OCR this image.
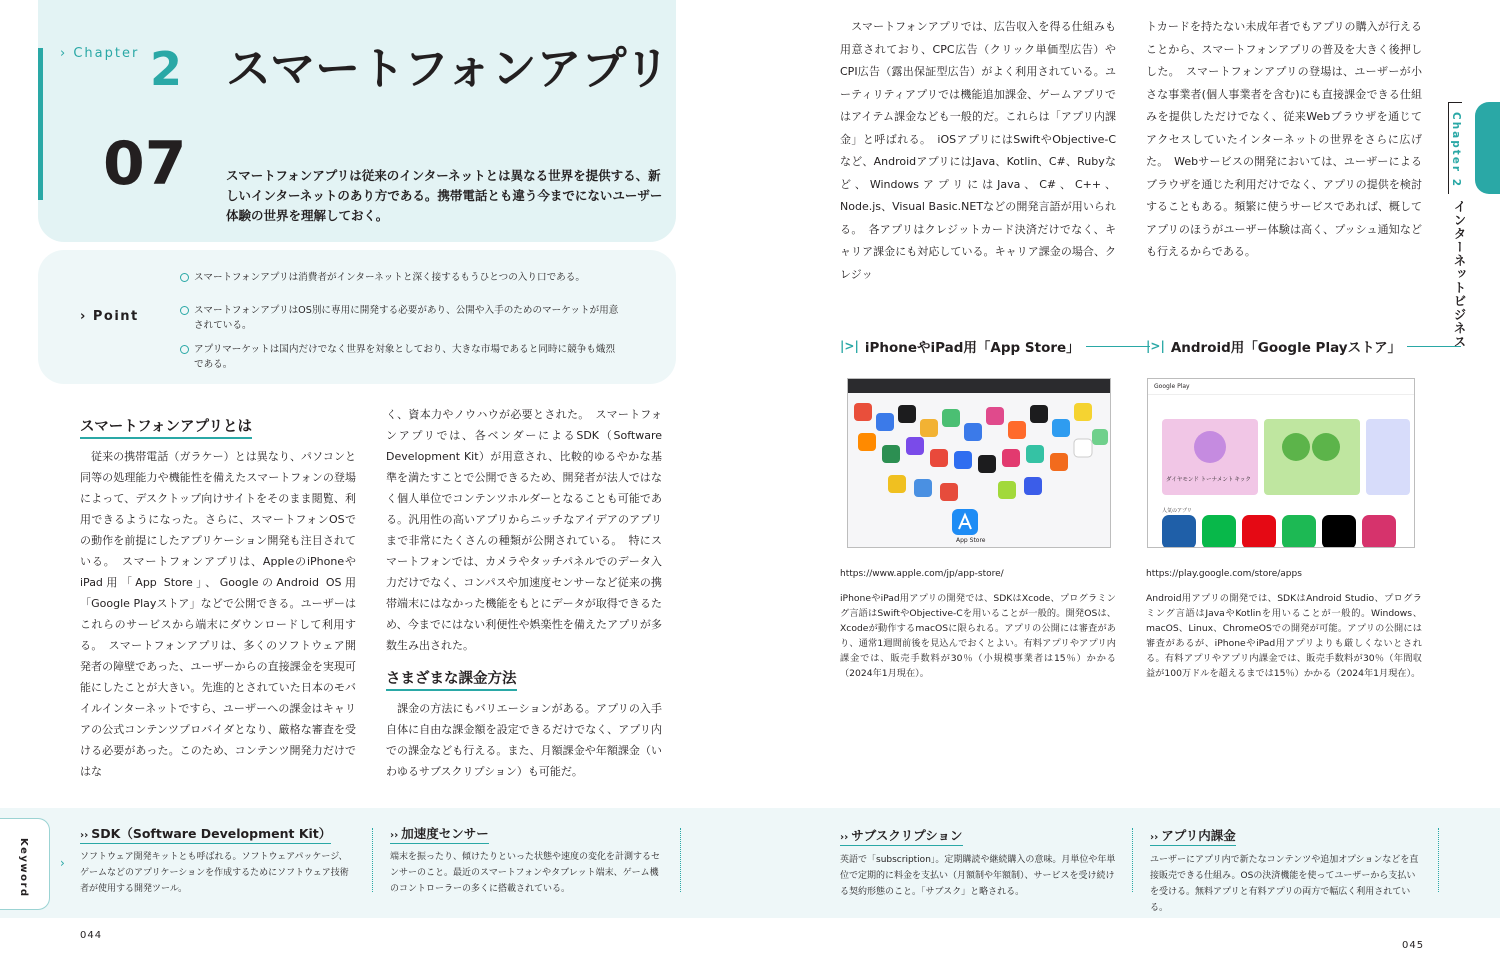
› Chapter 2 スマートフォンアプリ
07	スマートフォンアプリは従来のインターネットとは異なる世界を提供する、新しいインターネットのあり方である。携帯電話とも違う今までにないユーザー体験の世界を理解しておく。
› Point
スマートフォンアプリは消費者がインターネットと深く接するもうひとつの入り口である。
スマートフォンアプリはOS別に専用に開発する必要があり、公開や入手のためのマーケットが用意されている。
アプリマーケットは国内だけでなく世界を対象としており、大きな市場であると同時に競争も熾烈である。
スマートフォンアプリとは
　従来の携帯電話（ガラケー）とは異なり、パソコンと同等の処理能力や機能性を備えたスマートフォンの登場によって、デスクトップ向けサイトをそのまま閲覧、利用できるようになった。さらに、スマートフォンOSでの動作を前提にしたアプリケーション開発も注目されている。　スマートフォンアプリは、AppleのiPhoneやiPad用「App Store」、GoogleのAndroid OS用「Google Playストア」などで公開できる。ユーザーはこれらのサービスから端末にダウンロードして利用する。　スマートフォンアプリは、多くのソフトウェア開発者の障壁であった、ユーザーからの直接課金を実現可能にしたことが大きい。先進的とされていた日本のモバイルインターネットですら、ユーザーへの課金はキャリアの公式コンテンツプロバイダとなり、厳格な審査を受ける必要があった。このため、コンテンツ開発力だけではな
く、資本力やノウハウが必要とされた。　スマートフォンアプリでは、各ベンダーによるSDK（Software Development Kit）が用意され、比較的ゆるやかな基準を満たすことで公開できるため、開発者が法人ではなく個人単位でコンテンツホルダーとなることも可能である。汎用性の高いアプリからニッチなアイデアのアプリまで非常にたくさんの種類が公開されている。　特にスマートフォンでは、カメラやタッチパネルでのデータ入力だけでなく、コンパスや加速度センサーなど従来の携帯端末にはなかった機能をもとにデータが取得できるため、今までにはない利便性や娯楽性を備えたアプリが多数生み出された。
さまざまな課金方法
　課金の方法にもバリエーションがある。アプリの入手自体に自由な課金額を設定できるだけでなく、アプリ内での課金なども行える。また、月額課金や年額課金（いわゆるサブスクリプション）も可能だ。
　スマートフォンアプリでは、広告収入を得る仕組みも用意されており、CPC広告（クリック単価型広告）やCPI広告（露出保証型広告）がよく利用されている。ユーティリティアプリでは機能追加課金、ゲームアプリではアイテム課金なども一般的だ。これらは「アプリ内課金」と呼ばれる。　iOSアプリにはSwiftやObjective-Cなど、AndroidアプリにはJava、Kotlin、C#、Rubyなど、WindowsアプリにはJava、C#、C++、Node.js、Visual Basic.NETなどの開発言語が用いられる。　各アプリはクレジットカード決済だけでなく、キャリア課金にも対応している。キャリア課金の場合、クレジッ
トカードを持たない未成年者でもアプリの購入が行えることから、スマートフォンアプリの普及を大きく後押しした。　スマートフォンアプリの登場は、ユーザーが小さな事業者(個人事業者を含む)にも直接課金できる仕組みを提供しただけでなく、従来Webブラウザを通じてアクセスしていたインターネットの世界をさらに広げた。　Webサービスの開発においては、ユーザーによるブラウザを通じた利用だけでなく、アプリの提供を検討することもある。頻繁に使うサービスであれば、概してアプリのほうがユーザー体験は高く、プッシュ通知なども行えるからである。
|>| iPhoneやiPad用「App Store」
App Store
https://www.apple.com/jp/app-store/
iPhoneやiPad用アプリの開発では、SDKはXcode、プログラミング言語はSwiftやObjective-Cを用いることが一般的。開発OSは、Xcodeが動作するmacOSに限られる。アプリの公開には審査があり、通常1週間前後を見込んでおくとよい。有料アプリやアプリ内課金では、販売手数料が30％（小規模事業者は15％）かかる（2024年1月現在）。
|>| Android用「Google Playストア」
Google Play
ダイヤモンド トーナメント キック
人気のアプリ
https://play.google.com/store/apps
Android用アプリの開発では、SDKはAndroid Studio、プログラミング言語はJavaやKotlinを用いることが一般的。Windows、macOS、Linux、ChromeOSでの開発が可能。アプリの公開には審査があるが、iPhoneやiPad用アプリよりも厳しくないとされる。有料アプリやアプリ内課金では、販売手数料が30％（年間収益が100万ドルを超えるまでは15％）かかる（2024年1月現在）。
Chapter 2
インターネットビジネス
Keyword	›
›› SDK（Software Development Kit）
ソフトウェア開発キットとも呼ばれる。ソフトウェアパッケージ、ゲームなどのアプリケーションを作成するためにソフトウェア技術者が使用する開発ツール。
›› 加速度センサー
端末を振ったり、傾けたりといった状態や速度の変化を計測するセンサーのこと。最近のスマートフォンやタブレット端末、ゲーム機のコントローラーの多くに搭載されている。
›› サブスクリプション
英語で「subscription」。定期購読や継続購入の意味。月単位や年単位で定期的に料金を支払い（月額制や年額制）、サービスを受け続ける契約形態のこと。「サブスク」と略される。
›› アプリ内課金
ユーザーにアプリ内で新たなコンテンツや追加オプションなどを直接販売できる仕組み。OSの決済機能を使ってユーザーから支払いを受ける。無料アプリと有料アプリの両方で幅広く利用されている。
044
045
